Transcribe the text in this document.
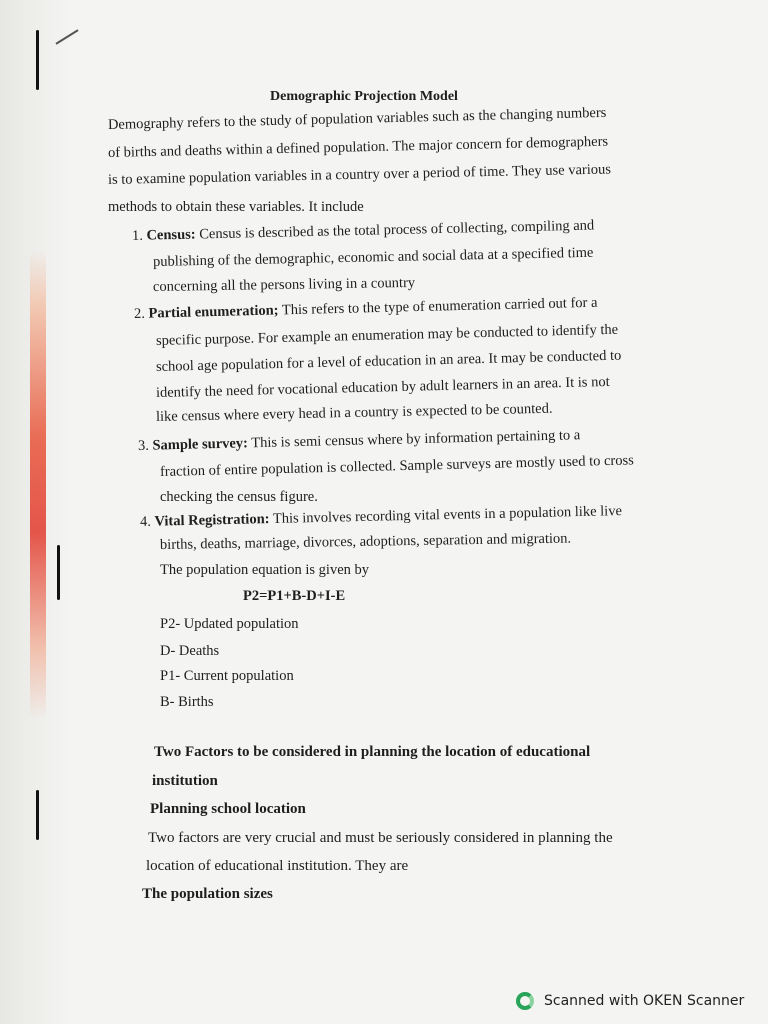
Demographic Projection Model
Demography refers to the study of population variables such as the changing numbers
of births and deaths within a defined population. The major concern for demographers
is to examine population variables in a country over a period of time. They use various
methods to obtain these variables. It include
1. Census: Census is described as the total process of collecting, compiling and
publishing of the demographic, economic and social data at a specified time
concerning all the persons living in a country
2. Partial enumeration; This refers to the type of enumeration carried out for a
specific purpose. For example an enumeration may be conducted to identify the
school age population for a level of education in an area. It may be conducted to
identify the need for vocational education by adult learners in an area. It is not
like census where every head in a country is expected to be counted.
3. Sample survey: This is semi census where by information pertaining to a
fraction of entire population is collected. Sample surveys are mostly used to cross
checking the census figure.
4. Vital Registration: This involves recording vital events in a population like live
births, deaths, marriage, divorces, adoptions, separation and migration.
The population equation is given by
P2=P1+B-D+I-E
P2- Updated population
D- Deaths
P1- Current population
B- Births
Two Factors to be considered in planning the location of educational
institution
Planning school location
Two factors are very crucial and must be seriously considered in planning the
location of educational institution. They are
The population sizes
Scanned with OKEN Scanner
